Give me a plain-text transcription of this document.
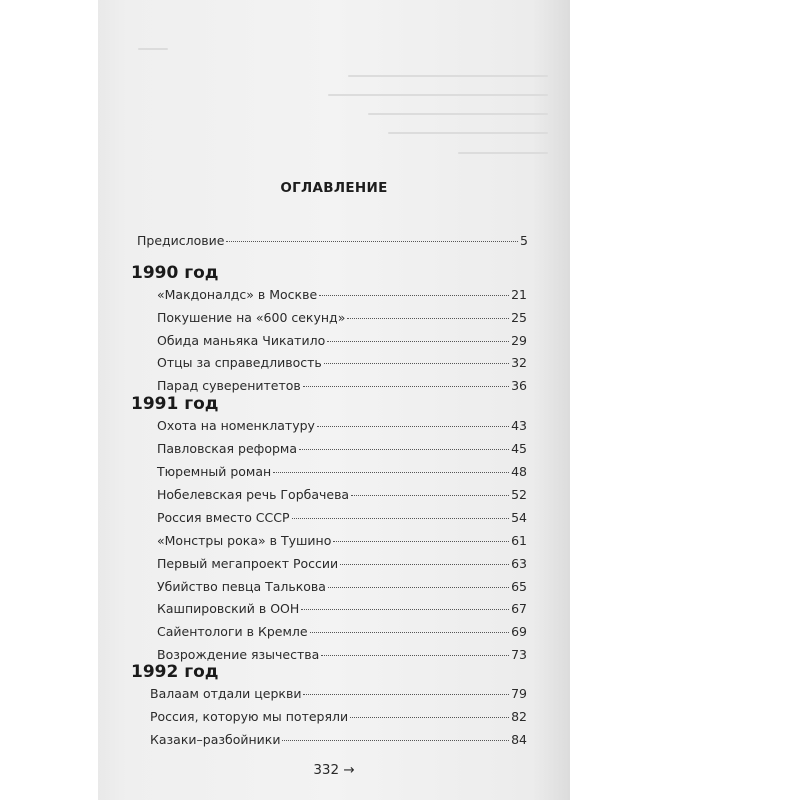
ОГЛАВЛЕНИЕ
Предисловие	5
1990 год
«Макдоналдс» в Москве	21
Покушение на «600 секунд»	25
Обида маньяка Чикатило	29
Отцы за справедливость	32
Парад суверенитетов	36
1991 год
Охота на номенклатуру	43
Павловская реформа	45
Тюремный роман	48
Нобелевская речь Горбачева	52
Россия вместо СССР	54
«Монстры рока» в Тушино	61
Первый мегапроект России	63
Убийство певца Талькова	65
Кашпировский в ООН	67
Сайентологи в Кремле	69
Возрождение язычества	73
1992 год
Валаам отдали церкви	79
Россия, которую мы потеряли	82
Казаки–разбойники	84
332 →
